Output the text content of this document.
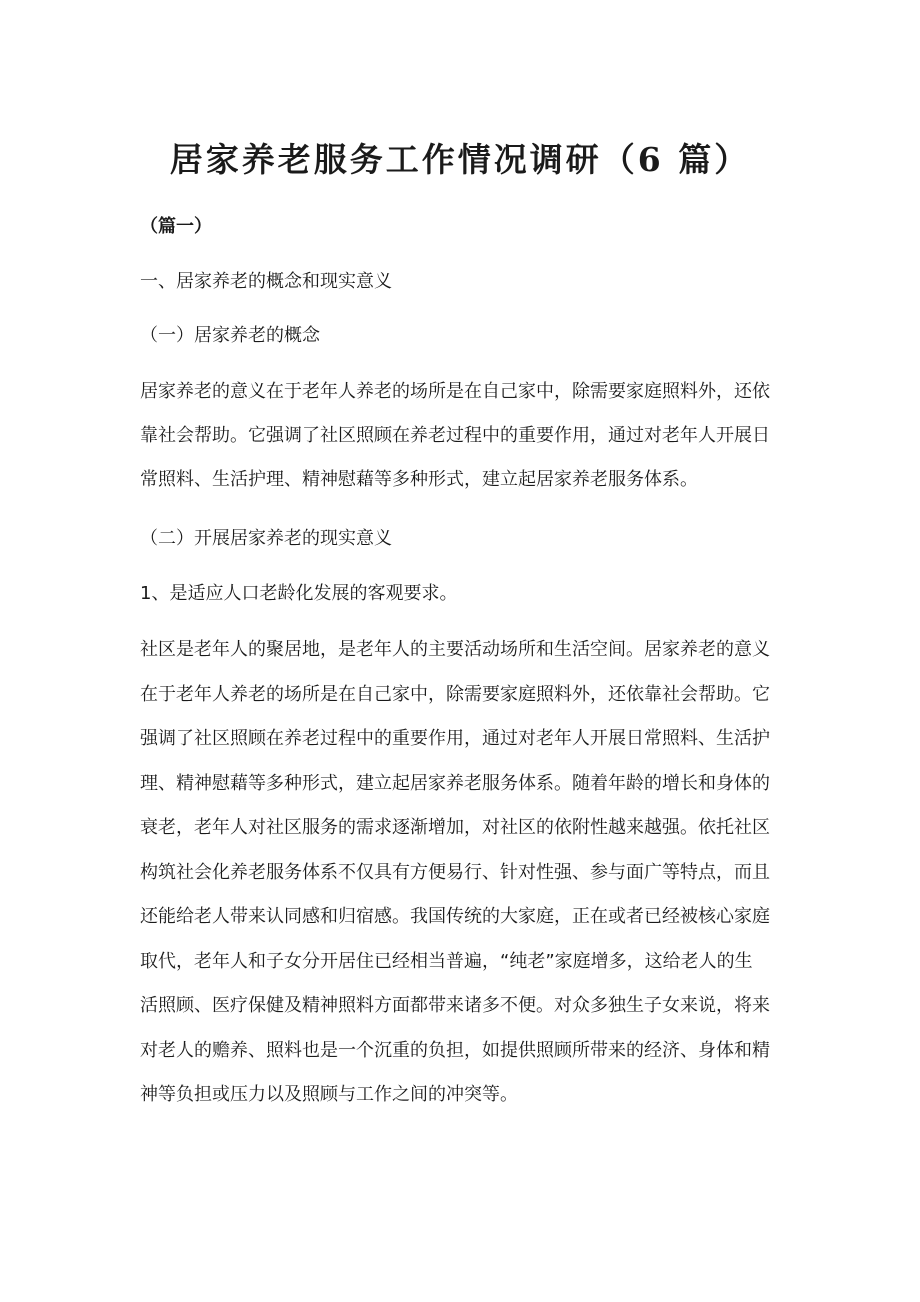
居家养老服务工作情况调研（6 篇）
（篇一）
一、居家养老的概念和现实意义
（一）居家养老的概念
居家养老的意义在于老年人养老的场所是在自己家中，除需要家庭照料外，还依
靠社会帮助。它强调了社区照顾在养老过程中的重要作用，通过对老年人开展日
常照料、生活护理、精神慰藉等多种形式，建立起居家养老服务体系。
（二）开展居家养老的现实意义
1、是适应人口老龄化发展的客观要求。
社区是老年人的聚居地，是老年人的主要活动场所和生活空间。居家养老的意义
在于老年人养老的场所是在自己家中，除需要家庭照料外，还依靠社会帮助。它
强调了社区照顾在养老过程中的重要作用，通过对老年人开展日常照料、生活护
理、精神慰藉等多种形式，建立起居家养老服务体系。随着年龄的增长和身体的
衰老，老年人对社区服务的需求逐渐增加，对社区的依附性越来越强。依托社区
构筑社会化养老服务体系不仅具有方便易行、针对性强、参与面广等特点，而且
还能给老人带来认同感和归宿感。我国传统的大家庭，正在或者已经被核心家庭
取代，老年人和子女分开居住已经相当普遍，“纯老”家庭增多，这给老人的生
活照顾、医疗保健及精神照料方面都带来诸多不便。对众多独生子女来说，将来
对老人的赡养、照料也是一个沉重的负担，如提供照顾所带来的经济、身体和精
神等负担或压力以及照顾与工作之间的冲突等。
